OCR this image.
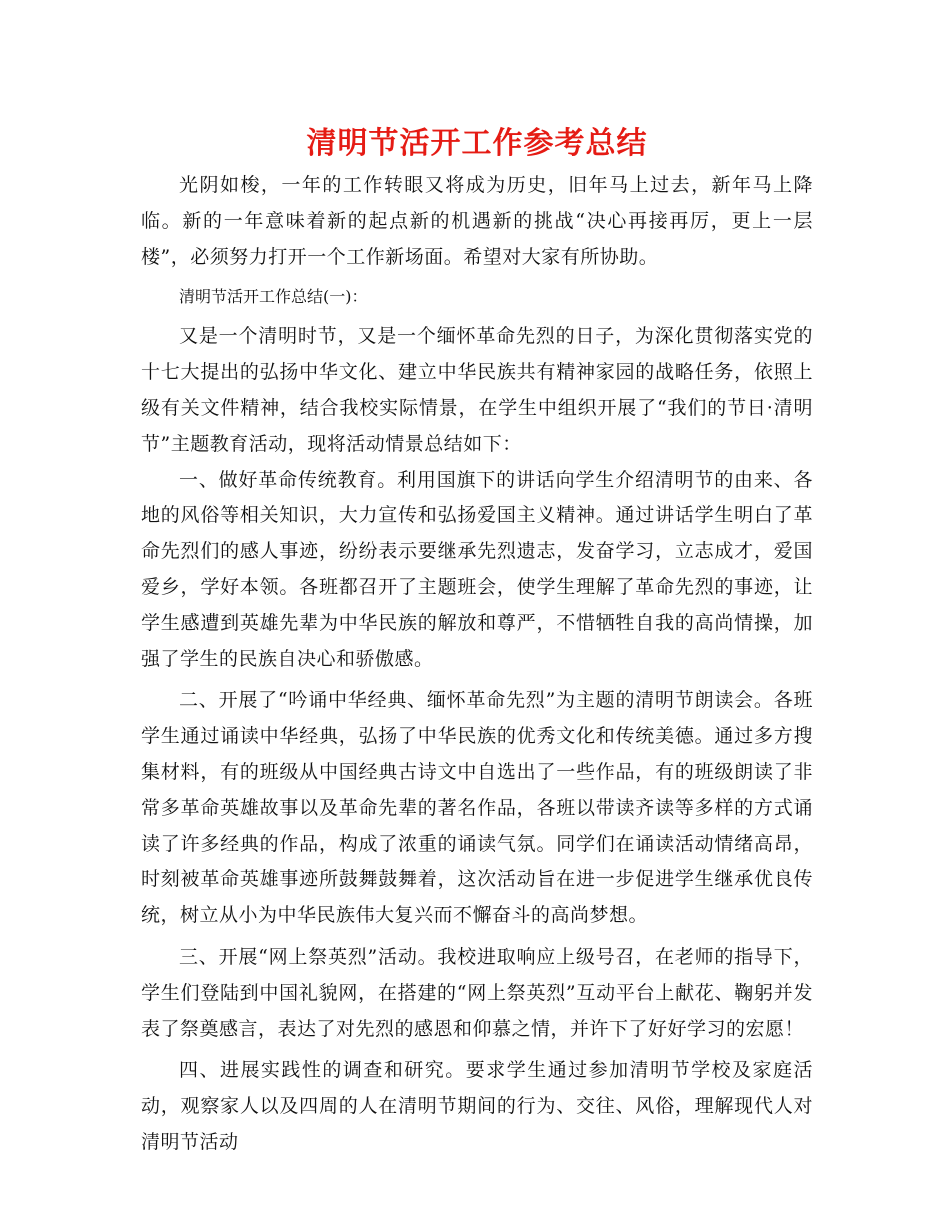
清明节活开工作参考总结

光阴如梭，一年的工作转眼又将成为历史，旧年马上过去，新年马上降临。新的一年意味着新的起点新的机遇新的挑战“决心再接再厉，更上一层楼”，必须努力打开一个工作新场面。希望对大家有所协助。

清明节活开工作总结(一)：

又是一个清明时节，又是一个缅怀革命先烈的日子，为深化贯彻落实党的十七大提出的弘扬中华文化、建立中华民族共有精神家园的战略任务，依照上级有关文件精神，结合我校实际情景，在学生中组织开展了“我们的节日·清明节”主题教育活动，现将活动情景总结如下：

一、做好革命传统教育。利用国旗下的讲话向学生介绍清明节的由来、各地的风俗等相关知识，大力宣传和弘扬爱国主义精神。通过讲话学生明白了革命先烈们的感人事迹，纷纷表示要继承先烈遗志，发奋学习，立志成才，爱国爱乡，学好本领。各班都召开了主题班会，使学生理解了革命先烈的事迹，让学生感遭到英雄先辈为中华民族的解放和尊严，不惜牺牲自我的高尚情操，加强了学生的民族自决心和骄傲感。

二、开展了“吟诵中华经典、缅怀革命先烈”为主题的清明节朗读会。各班学生通过诵读中华经典，弘扬了中华民族的优秀文化和传统美德。通过多方搜集材料，有的班级从中国经典古诗文中自选出了一些作品，有的班级朗读了非常多革命英雄故事以及革命先辈的著名作品，各班以带读齐读等多样的方式诵读了许多经典的作品，构成了浓重的诵读气氛。同学们在诵读活动情绪高昂，时刻被革命英雄事迹所鼓舞鼓舞着，这次活动旨在进一步促进学生继承优良传统，树立从小为中华民族伟大复兴而不懈奋斗的高尚梦想。

三、开展“网上祭英烈”活动。我校进取响应上级号召，在老师的指导下，学生们登陆到中国礼貌网，在搭建的“网上祭英烈”互动平台上献花、鞠躬并发表了祭奠感言，表达了对先烈的感恩和仰慕之情，并许下了好好学习的宏愿！

四、进展实践性的调查和研究。要求学生通过参加清明节学校及家庭活动，观察家人以及四周的人在清明节期间的行为、交往、风俗，理解现代人对清明节活动
